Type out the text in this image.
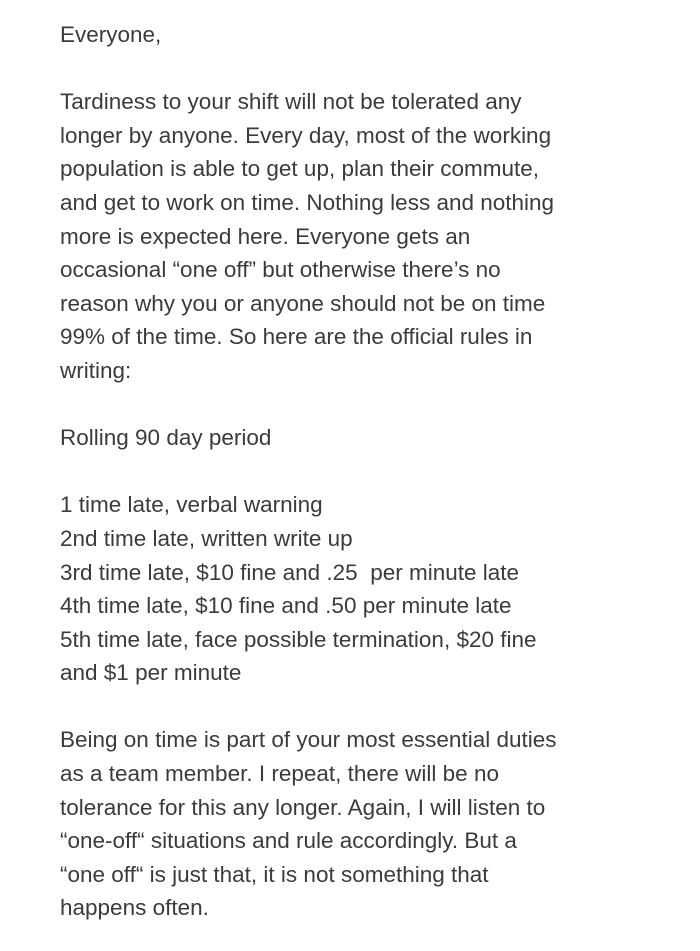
Everyone,
Tardiness to your shift will not be tolerated any
longer by anyone. Every day, most of the working
population is able to get up, plan their commute,
and get to work on time. Nothing less and nothing
more is expected here. Everyone gets an
occasional “one off” but otherwise there’s no
reason why you or anyone should not be on time
99% of the time. So here are the official rules in
writing:
Rolling 90 day period
1 time late, verbal warning
2nd time late, written write up
3rd time late, $10 fine and .25  per minute late
4th time late, $10 fine and .50 per minute late
5th time late, face possible termination, $20 fine
and $1 per minute
Being on time is part of your most essential duties
as a team member. I repeat, there will be no
tolerance for this any longer. Again, I will listen to
“one-off“ situations and rule accordingly. But a
“one off“ is just that, it is not something that
happens often.
